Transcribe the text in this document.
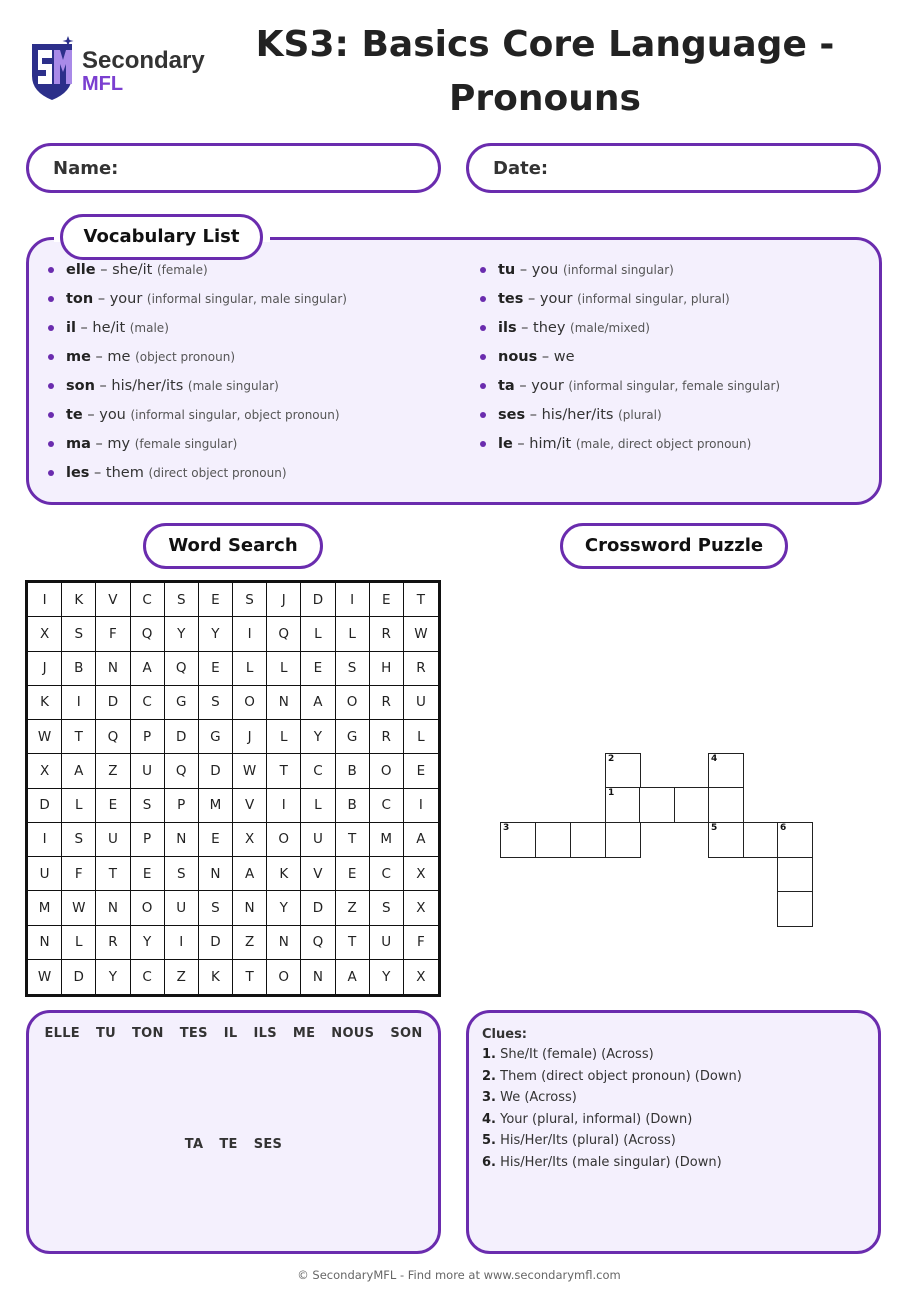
Secondary
MFL
KS3: Basics Core Language - Pronouns
Name:	Date:
Vocabulary List
elle – she/it (female)
ton – your (informal singular, male singular)
il – he/it (male)
me – me (object pronoun)
son – his/her/its (male singular)
te – you (informal singular, object pronoun)
ma – my (female singular)
les – them (direct object pronoun)
tu – you (informal singular)
tes – your (informal singular, plural)
ils – they (male/mixed)
nous – we
ta – your (informal singular, female singular)
ses – his/her/its (plural)
le – him/it (male, direct object pronoun)
Word Search	Crossword Puzzle
I	K	V	C	S	E	S	J	D	I	E	T
X	S	F	Q	Y	Y	I	Q	L	L	R	W
J	B	N	A	Q	E	L	L	E	S	H	R
K	I	D	C	G	S	O	N	A	O	R	U
W	T	Q	P	D	G	J	L	Y	G	R	L
X	A	Z	U	Q	D	W	T	C	B	O	E
D	L	E	S	P	M	V	I	L	B	C	I
I	S	U	P	N	E	X	O	U	T	M	A
U	F	T	E	S	N	A	K	V	E	C	X
M	W	N	O	U	S	N	Y	D	Z	S	X
N	L	R	Y	I	D	Z	N	Q	T	U	F
W	D	Y	C	Z	K	T	O	N	A	Y	X
2	4
1
3	5	6
ELLE TU TON TES IL ILS ME NOUS SON
TA TE SES
Clues:
1. She/It (female) (Across)
2. Them (direct object pronoun) (Down)
3. We (Across)
4. Your (plural, informal) (Down)
5. His/Her/Its (plural) (Across)
6. His/Her/Its (male singular) (Down)
© SecondaryMFL - Find more at www.secondarymfl.com
